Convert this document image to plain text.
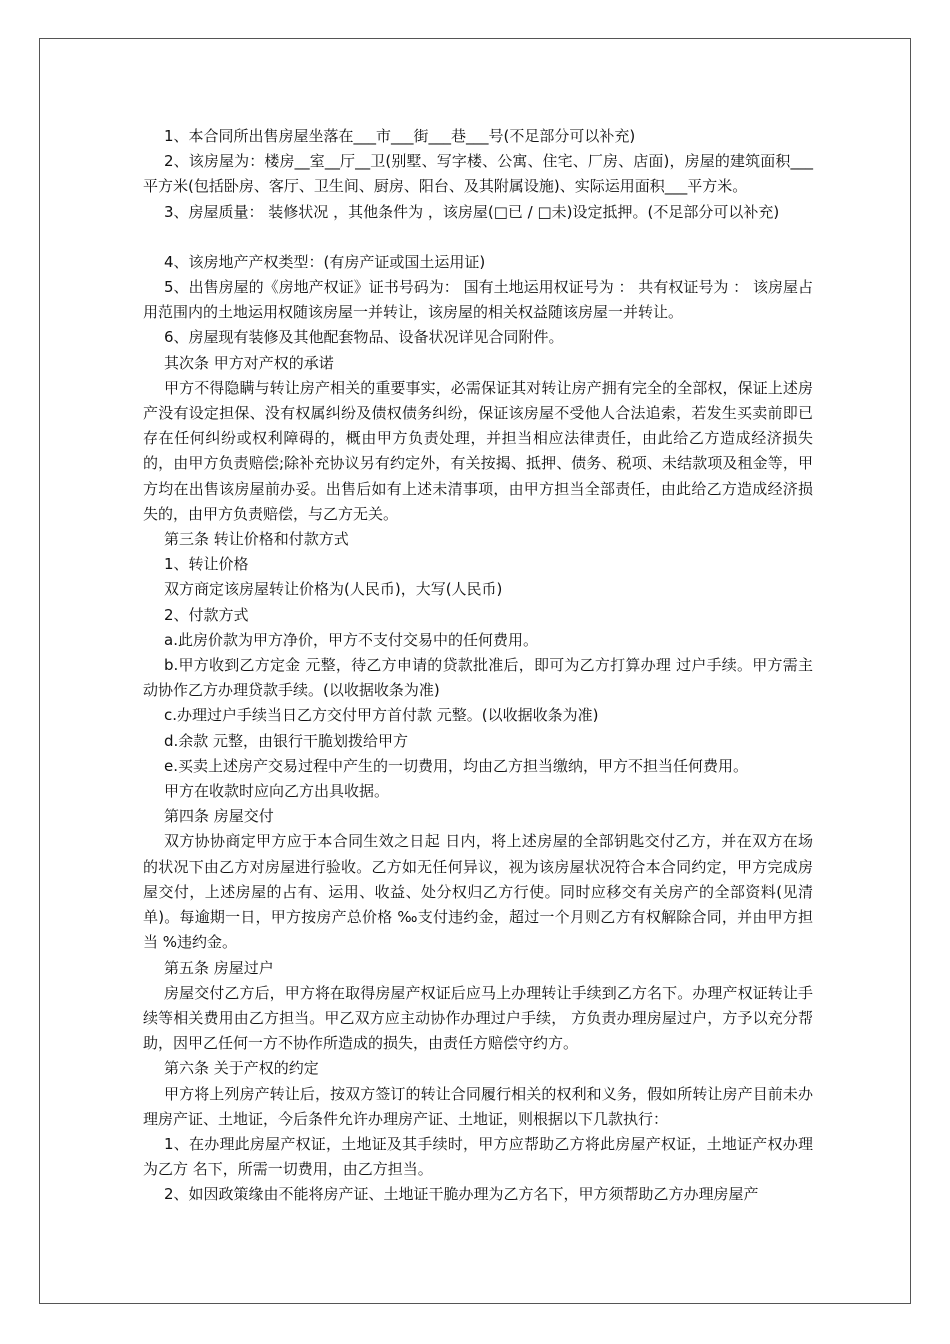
1、本合同所出售房屋坐落在___市___街___巷___号(不足部分可以补充)

2、该房屋为：楼房__室__厅__卫(别墅、写字楼、公寓、住宅、厂房、店面)，房屋的建筑面积___平方米(包括卧房、客厅、卫生间、厨房、阳台、及其附属设施)、实际运用面积___平方米。

3、房屋质量： 装修状况 ，其他条件为 ，该房屋(□已 / □未)设定抵押。(不足部分可以补充)

4、该房地产产权类型：(有房产证或国土运用证)

5、出售房屋的《房地产权证》证书号码为： 国有土地运用权证号为 ： 共有权证号为 ： 该房屋占用范围内的土地运用权随该房屋一并转让，该房屋的相关权益随该房屋一并转让。

6、房屋现有装修及其他配套物品、设备状况详见合同附件。

其次条 甲方对产权的承诺

甲方不得隐瞒与转让房产相关的重要事实，必需保证其对转让房产拥有完全的全部权，保证上述房产没有设定担保、没有权属纠纷及债权债务纠纷，保证该房屋不受他人合法追索，若发生买卖前即已存在任何纠纷或权利障碍的，概由甲方负责处理，并担当相应法律责任，由此给乙方造成经济损失的，由甲方负责赔偿;除补充协议另有约定外，有关按揭、抵押、债务、税项、未结款项及租金等，甲方均在出售该房屋前办妥。出售后如有上述未清事项，由甲方担当全部责任，由此给乙方造成经济损失的，由甲方负责赔偿，与乙方无关。

第三条 转让价格和付款方式

1、转让价格

双方商定该房屋转让价格为(人民币)，大写(人民币)

2、付款方式

a.此房价款为甲方净价，甲方不支付交易中的任何费用。

b.甲方收到乙方定金 元整，待乙方申请的贷款批准后，即可为乙方打算办理 过户手续。甲方需主动协作乙方办理贷款手续。(以收据收条为准)

c.办理过户手续当日乙方交付甲方首付款 元整。(以收据收条为准)

d.余款 元整，由银行干脆划拨给甲方

e.买卖上述房产交易过程中产生的一切费用，均由乙方担当缴纳，甲方不担当任何费用。

甲方在收款时应向乙方出具收据。

第四条 房屋交付

双方协协商定甲方应于本合同生效之日起 日内，将上述房屋的全部钥匙交付乙方，并在双方在场的状况下由乙方对房屋进行验收。乙方如无任何异议，视为该房屋状况符合本合同约定，甲方完成房屋交付，上述房屋的占有、运用、收益、处分权归乙方行使。同时应移交有关房产的全部资料(见清单)。每逾期一日，甲方按房产总价格 ‰支付违约金，超过一个月则乙方有权解除合同，并由甲方担当 %违约金。

第五条 房屋过户

房屋交付乙方后，甲方将在取得房屋产权证后应马上办理转让手续到乙方名下。办理产权证转让手续等相关费用由乙方担当。甲乙双方应主动协作办理过户手续， 方负责办理房屋过户，方予以充分帮助，因甲乙任何一方不协作所造成的损失，由责任方赔偿守约方。

第六条 关于产权的约定

甲方将上列房产转让后，按双方签订的转让合同履行相关的权利和义务，假如所转让房产目前未办理房产证、土地证，今后条件允许办理房产证、土地证，则根据以下几款执行：

1、在办理此房屋产权证，土地证及其手续时，甲方应帮助乙方将此房屋产权证，土地证产权办理为乙方 名下，所需一切费用，由乙方担当。

2、如因政策缘由不能将房产证、土地证干脆办理为乙方名下，甲方须帮助乙方办理房屋产
